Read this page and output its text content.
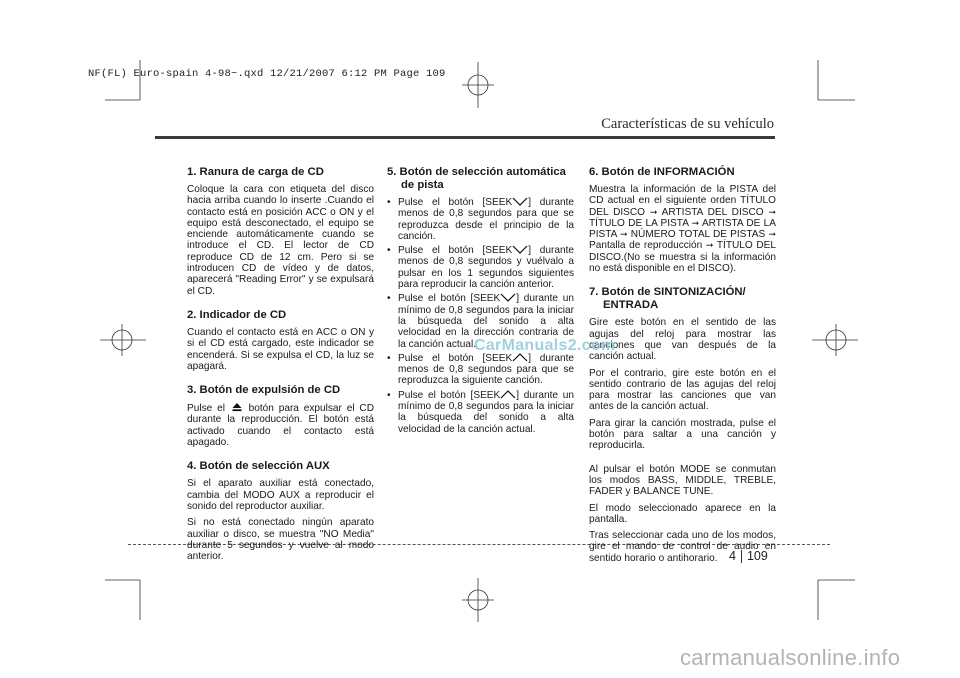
NF(FL) Euro-spain 4-98~.qxd 12/21/2007 6:12 PM Page 109
Características de su vehículo
4 109
1. Ranura de carga de CD
Coloque la cara con etiqueta del disco hacia arriba cuando lo inserte .Cuando el contacto está en posición ACC o ON y el equipo está desconectado, el equipo se enciende automáticamente cuando se introduce el CD. El lector de CD reproduce CD de 12 cm. Pero si se introducen CD de vídeo y de datos, aparecerá "Reading Error" y se expulsará el CD.
2. Indicador de CD
Cuando el contacto está en ACC o ON y si el CD está cargado, este indicador se encenderá. Si se expulsa el CD, la luz se apagará.
3. Botón de expulsión de CD
Pulse el botón para expulsar el CD durante la reproducción. El botón está activado cuando el contacto está apagado.
4. Botón de selección AUX
Si el aparato auxiliar está conectado, cambia del MODO AUX a reproducir el sonido del reproductor auxiliar.
Si no está conectado ningún aparato auxiliar o disco, se muestra "NO Media" durante 5 segundos y vuelve al modo anterior.
5. Botón de selección automática de pista
• Pulse el botón [SEEK ] durante menos de 0,8 segundos para que se reproduzca desde el principio de la canción.
• Pulse el botón [SEEK ] durante menos de 0,8 segundos y vuélvalo a pulsar en los 1 segundos siguientes para reproducir la canción anterior.
• Pulse el botón [SEEK ] durante un mínimo de 0,8 segundos para la iniciar la búsqueda del sonido a alta velocidad en la dirección contraria de la canción actual.
• Pulse el botón [SEEK ] durante menos de 0,8 segundos para que se reproduzca la siguiente canción.
• Pulse el botón [SEEK ] durante un mínimo de 0,8 segundos para la iniciar la búsqueda del sonido a alta velocidad de la canción actual.
6. Botón de INFORMACIÓN
Muestra la información de la PISTA del CD actual en el siguiente orden TÍTULO DEL DISCO ➞ ARTISTA DEL DISCO ➞ TÍTULO DE LA PISTA ➞ ARTISTA DE LA PISTA ➞ NÚMERO TOTAL DE PISTAS ➞ Pantalla de reproducción ➞ TÍTULO DEL DISCO.(No se muestra si la información no está disponible en el DISCO).
7. Botón de SINTONIZACIÓN/ ENTRADA
Gire este botón en el sentido de las agujas del reloj para mostrar las canciones que van después de la canción actual.
Por el contrario, gire este botón en el sentido contrario de las agujas del reloj para mostrar las canciones que van antes de la canción actual.
Para girar la canción mostrada, pulse el botón para saltar a una canción y reproducirla.
Al pulsar el botón MODE se conmutan los modos BASS, MIDDLE, TREBLE, FADER y BALANCE TUNE.
El modo seleccionado aparece en la pantalla.
Tras seleccionar cada uno de los modos, gire el mando de control de audio en sentido horario o antihorario.
CarManuals2.com
carmanualsonline.info
